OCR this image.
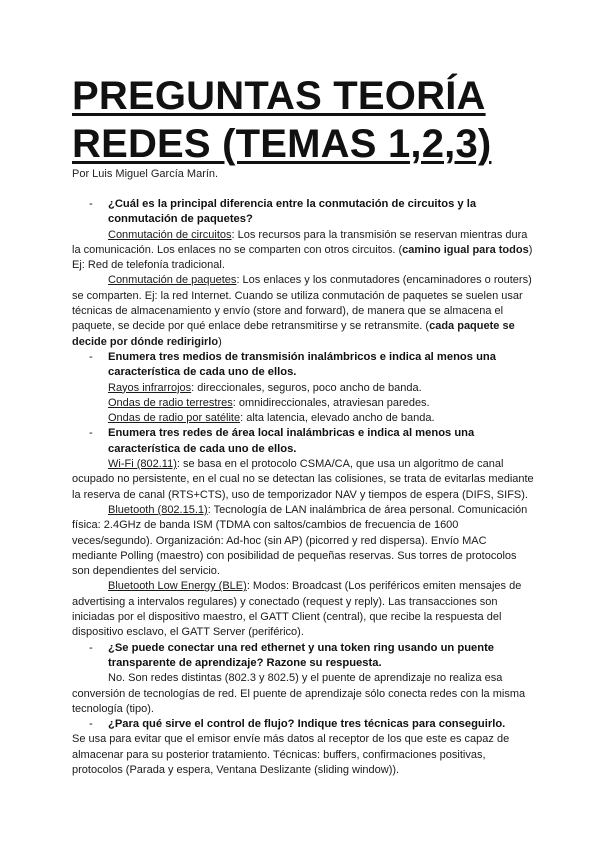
PREGUNTAS TEORÍA
REDES (TEMAS 1,2,3)
Por Luis Miguel García Marín.
- ¿Cuál es la principal diferencia entre la conmutación de circuitos y la conmutación de paquetes?

Conmutación de circuitos: Los recursos para la transmisión se reservan mientras dura la comunicación. Los enlaces no se comparten con otros circuitos. (camino igual para todos) Ej: Red de telefonía tradicional.

Conmutación de paquetes: Los enlaces y los conmutadores (encaminadores o routers) se comparten. Ej: la red Internet. Cuando se utiliza conmutación de paquetes se suelen usar técnicas de almacenamiento y envío (store and forward), de manera que se almacena el paquete, se decide por qué enlace debe retransmitirse y se retransmite. (cada paquete se decide por dónde redirigirlo)

- Enumera tres medios de transmisión inalámbricos e indica al menos una característica de cada uno de ellos.

Rayos infrarrojos: direccionales, seguros, poco ancho de banda.

Ondas de radio terrestres: omnidireccionales, atraviesan paredes.

Ondas de radio por satélite: alta latencia, elevado ancho de banda.

- Enumera tres redes de área local inalámbricas e indica al menos una característica de cada uno de ellos.

Wi-Fi (802.11): se basa en el protocolo CSMA/CA, que usa un algoritmo de canal ocupado no persistente, en el cual no se detectan las colisiones, se trata de evitarlas mediante la reserva de canal (RTS+CTS), uso de temporizador NAV y tiempos de espera (DIFS, SIFS).

Bluetooth (802.15.1): Tecnología de LAN inalámbrica de área personal. Comunicación física: 2.4GHz de banda ISM (TDMA con saltos/cambios de frecuencia de 1600 veces/segundo). Organización: Ad-hoc (sin AP) (picorred y red dispersa). Envío MAC mediante Polling (maestro) con posibilidad de pequeñas reservas. Sus torres de protocolos son dependientes del servicio.

Bluetooth Low Energy (BLE): Modos: Broadcast (Los periféricos emiten mensajes de advertising a intervalos regulares) y conectado (request y reply). Las transacciones son iniciadas por el dispositivo maestro, el GATT Client (central), que recibe la respuesta del dispositivo esclavo, el GATT Server (periférico).

- ¿Se puede conectar una red ethernet y una token ring usando un puente transparente de aprendizaje? Razone su respuesta.

No. Son redes distintas (802.3 y 802.5) y el puente de aprendizaje no realiza esa conversión de tecnologías de red. El puente de aprendizaje sólo conecta redes con la misma tecnología (tipo).

- ¿Para qué sirve el control de flujo? Indique tres técnicas para conseguirlo.

Se usa para evitar que el emisor envíe más datos al receptor de los que este es capaz de almacenar para su posterior tratamiento. Técnicas: buffers, confirmaciones positivas, protocolos (Parada y espera, Ventana Deslizante (sliding window)).
